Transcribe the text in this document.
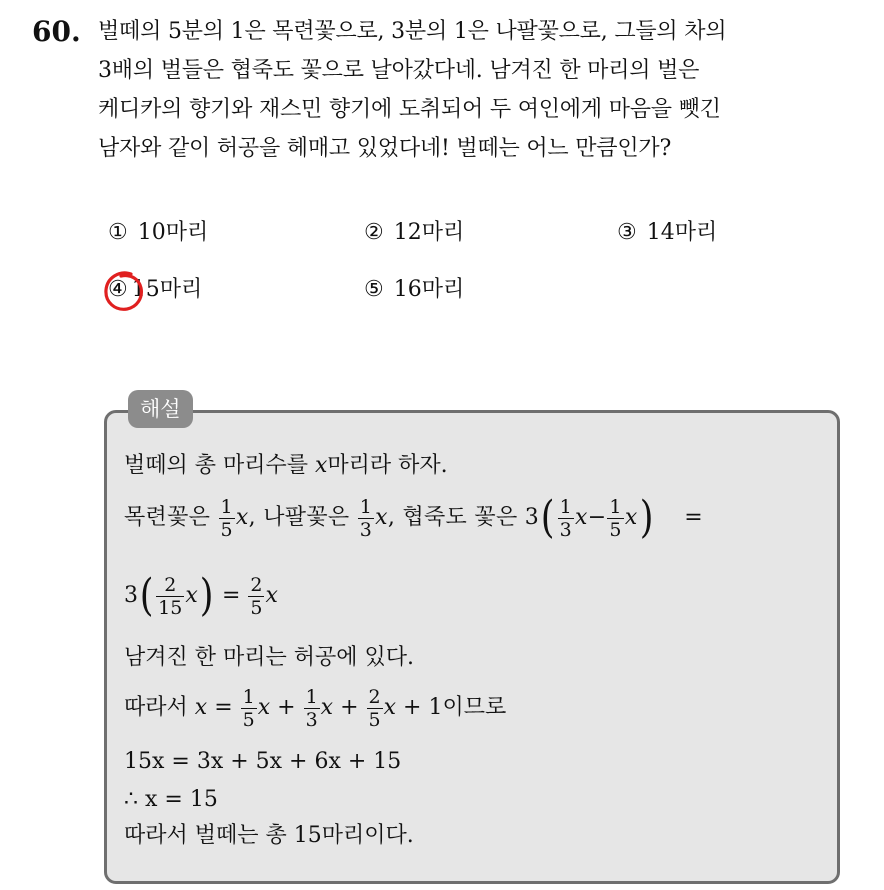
60. 벌떼의 5분의 1은 목련꽃으로, 3분의 1은 나팔꽃으로, 그들의 차의
3배의 벌들은 협죽도 꽃으로 날아갔다네. 남겨진 한 마리의 벌은
케디카의 향기와 재스민 향기에 도취되어 두 여인에게 마음을 뺏긴
남자와 같이 허공을 헤매고 있었다네! 벌떼는 어느 만큼인가?
① 10마리	② 12마리	③ 14마리
④ 15마리	⑤ 16마리
해설
벌떼의 총 마리수를 x마리라 하자.
목련꽃은 $\frac{1}{5} x$, 나팔꽃은 $\frac{1}{3} x$, 협죽도 꽃은 $3( \frac{1}{3} x- \frac{1}{5} x)$ =
$3( \frac{2}{15} x) = \frac{2}{5}$ x
남겨진 한 마리는 허공에 있다.
따라서 $x = \frac{1}{5}$ $x + \frac{1}{3}$ $x + \frac{2}{5}$ x + 1이므로
15x = 3x + 5x + 6x + 15
∴ x = 15
따라서 벌떼는 총 15마리이다.
